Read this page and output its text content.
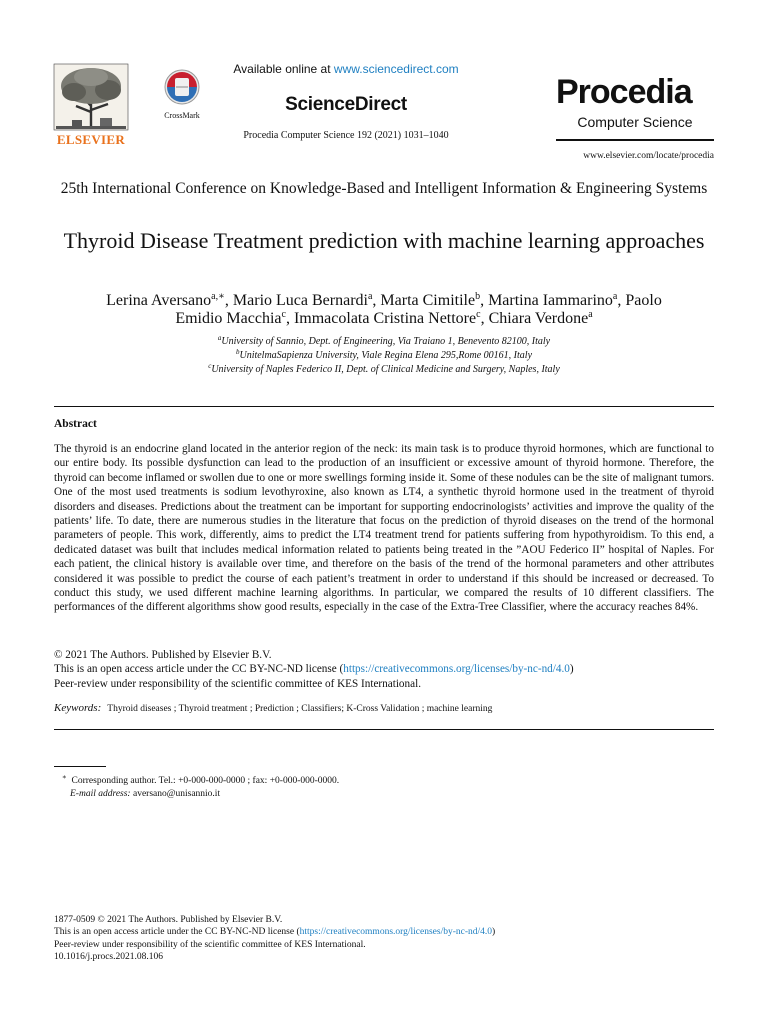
ELSEVIER
CrossMark
Available online at www.sciencedirect.com
ScienceDirect
Procedia Computer Science 192 (2021) 1031–1040
Procedia
Computer Science
www.elsevier.com/locate/procedia
25th International Conference on Knowledge-Based and Intelligent Information & Engineering Systems
Thyroid Disease Treatment prediction with machine learning approaches
Lerina Aversano$^{a,∗}$, Mario Luca Bernardi$^a$, Marta Cimitile$^b$, Martina Iammarino$^a$, Paolo
Emidio Macchia$^c$, Immacolata Cristina Nettore$^c$, Chiara Verdone$^a$
$^a$University of Sannio, Dept. of Engineering, Via Traiano 1, Benevento 82100, Italy
$^b$UnitelmaSapienza University, Viale Regina Elena 295,Rome 00161, Italy
$^c$University of Naples Federico II, Dept. of Clinical Medicine and Surgery, Naples, Italy
Abstract
The thyroid is an endocrine gland located in the anterior region of the neck: its main task is to produce thyroid hormones, which are functional to our entire body. Its possible dysfunction can lead to the production of an insufficient or excessive amount of thyroid hormone. Therefore, the thyroid can become inflamed or swollen due to one or more swellings forming inside it. Some of these nodules can be the site of malignant tumors. One of the most used treatments is sodium levothyroxine, also known as LT4, a synthetic thyroid hormone used in the treatment of thyroid disorders and diseases. Predictions about the treatment can be important for supporting endocrinologists’ activities and improve the quality of the patients’ life. To date, there are numerous studies in the literature that focus on the prediction of thyroid diseases on the trend of the hormonal parameters of people. This work, differently, aims to predict the LT4 treatment trend for patients suffering from hypothyroidism. To this end, a dedicated dataset was built that includes medical information related to patients being treated in the ”AOU Federico II” hospital of Naples. For each patient, the clinical history is available over time, and therefore on the basis of the trend of the hormonal parameters and other attributes considered it was possible to predict the course of each patient’s treatment in order to understand if this should be increased or decreased. To conduct this study, we used different machine learning algorithms. In particular, we compared the results of 10 different classifiers. The performances of the different algorithms show good results, especially in the case of the Extra-Tree Classifier, where the accuracy reaches 84%.
© 2021 The Authors. Published by Elsevier B.V.
This is an open access article under the CC BY-NC-ND license (https://creativecommons.org/licenses/by-nc-nd/4.0)
Peer-review under responsibility of the scientific committee of KES International.
Keywords: Thyroid diseases ; Thyroid treatment ; Prediction ; Classifiers; K-Cross Validation ; machine learning
∗ Corresponding author. Tel.: +0-000-000-0000 ; fax: +0-000-000-0000.
E-mail address: aversano@unisannio.it
1877-0509 © 2021 The Authors. Published by Elsevier B.V.
This is an open access article under the CC BY-NC-ND license (https://creativecommons.org/licenses/by-nc-nd/4.0)
Peer-review under responsibility of the scientific committee of KES International.
10.1016/j.procs.2021.08.106
